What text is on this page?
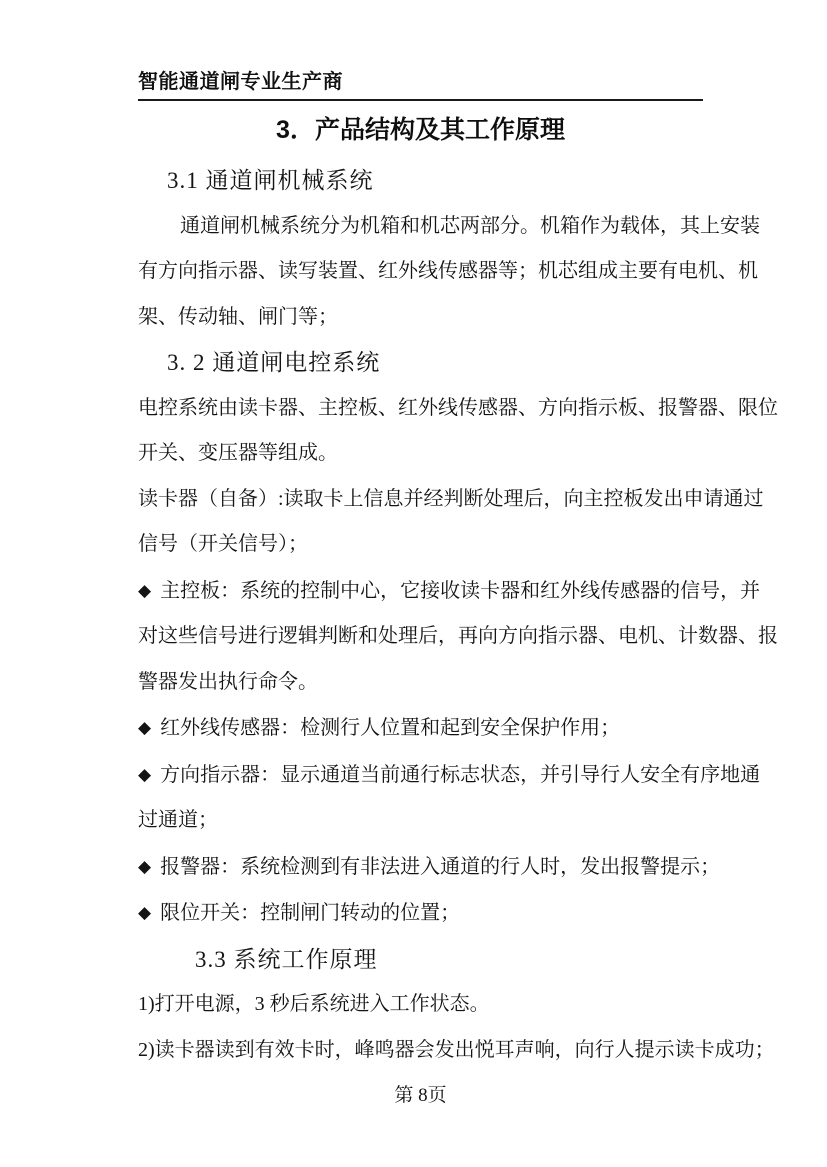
智能通道闸专业生产商
3．产品结构及其工作原理
3.1 通道闸机械系统
通道闸机械系统分为机箱和机芯两部分。机箱作为载体，其上安装
有方向指示器、读写装置、红外线传感器等；机芯组成主要有电机、机
架、传动轴、闸门等；
3. 2 通道闸电控系统
电控系统由读卡器、主控板、红外线传感器、方向指示板、报警器、限位
开关、变压器等组成。
读卡器（自备）:读取卡上信息并经判断处理后，向主控板发出申请通过
信号（开关信号）；
◆ 主控板：系统的控制中心，它接收读卡器和红外线传感器的信号，并
对这些信号进行逻辑判断和处理后，再向方向指示器、电机、计数器、报
警器发出执行命令。
◆ 红外线传感器：检测行人位置和起到安全保护作用；
◆ 方向指示器：显示通道当前通行标志状态，并引导行人安全有序地通
过通道；
◆ 报警器：系统检测到有非法进入通道的行人时，发出报警提示；
◆ 限位开关：控制闸门转动的位置；
3.3 系统工作原理
1)打开电源，3 秒后系统进入工作状态。
2)读卡器读到有效卡时，峰鸣器会发出悦耳声响，向行人提示读卡成功；
第 8页
